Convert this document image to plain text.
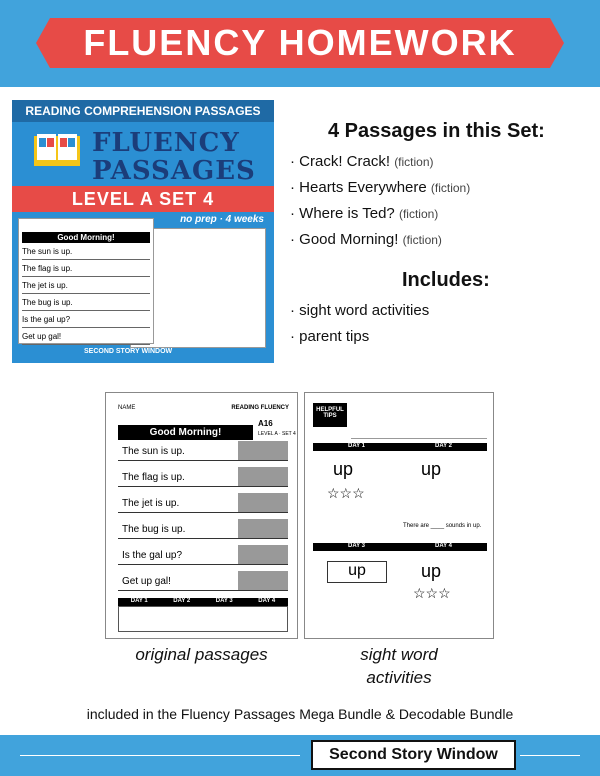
FLUENCY HOMEWORK
READING COMPREHENSION PASSAGES
FLUENCY
PASSAGES
LEVEL A SET 4
no prep · 4 weeks
Good Morning!
The sun is up.
The flag is up.
The jet is up.
The bug is up.
Is the gal up?
Get up gal!
SECOND STORY WINDOW
4 Passages in this Set:
· Crack! Crack! (fiction)
· Hearts Everywhere (fiction)
· Where is Ted? (fiction)
· Good Morning! (fiction)
Includes:
· sight word activities
· parent tips
NAME	READING FLUENCY
A16
LEVEL A · SET 4
Good Morning!
The sun is up.
The flag is up.
The jet is up.
The bug is up.
Is the gal up?
Get up gal!
DAY 1	DAY 2	DAY 3	DAY 4
HELPFUL TIPS
DAY 1	DAY 2
up	up
☆☆☆
There are ____ sounds in up.
DAY 3	DAY 4
up	up
☆☆☆
original passages	sight word
activities
included in the Fluency Passages Mega Bundle & Decodable Bundle
Second Story Window
